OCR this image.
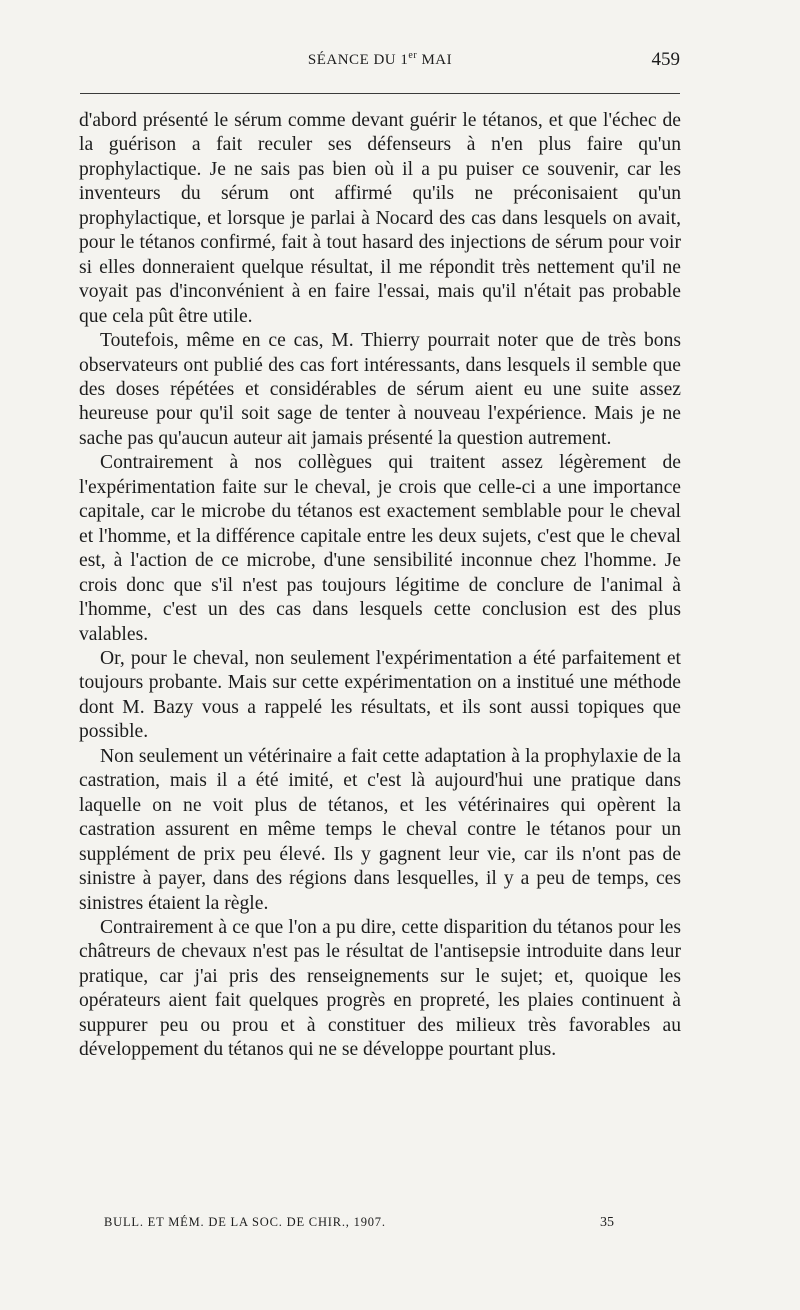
SÉANCE DU 1er MAI	459

d'abord présenté le sérum comme devant guérir le tétanos, et que l'échec de la guérison a fait reculer ses défenseurs à n'en plus faire qu'un prophylactique. Je ne sais pas bien où il a pu puiser ce souvenir, car les inventeurs du sérum ont affirmé qu'ils ne préconisaient qu'un prophylactique, et lorsque je parlai à Nocard des cas dans lesquels on avait, pour le tétanos confirmé, fait à tout hasard des injections de sérum pour voir si elles donneraient quelque résultat, il me répondit très nettement qu'il ne voyait pas d'inconvénient à en faire l'essai, mais qu'il n'était pas probable que cela pût être utile.

Toutefois, même en ce cas, M. Thierry pourrait noter que de très bons observateurs ont publié des cas fort intéressants, dans lesquels il semble que des doses répétées et considérables de sérum aient eu une suite assez heureuse pour qu'il soit sage de tenter à nouveau l'expérience. Mais je ne sache pas qu'aucun auteur ait jamais présenté la question autrement.

Contrairement à nos collègues qui traitent assez légèrement de l'expérimentation faite sur le cheval, je crois que celle-ci a une importance capitale, car le microbe du tétanos est exactement semblable pour le cheval et l'homme, et la différence capitale entre les deux sujets, c'est que le cheval est, à l'action de ce microbe, d'une sensibilité inconnue chez l'homme. Je crois donc que s'il n'est pas toujours légitime de conclure de l'animal à l'homme, c'est un des cas dans lesquels cette conclusion est des plus valables.

Or, pour le cheval, non seulement l'expérimentation a été parfaitement et toujours probante. Mais sur cette expérimentation on a institué une méthode dont M. Bazy vous a rappelé les résultats, et ils sont aussi topiques que possible.

Non seulement un vétérinaire a fait cette adaptation à la prophylaxie de la castration, mais il a été imité, et c'est là aujourd'hui une pratique dans laquelle on ne voit plus de tétanos, et les vétérinaires qui opèrent la castration assurent en même temps le cheval contre le tétanos pour un supplément de prix peu élevé. Ils y gagnent leur vie, car ils n'ont pas de sinistre à payer, dans des régions dans lesquelles, il y a peu de temps, ces sinistres étaient la règle.

Contrairement à ce que l'on a pu dire, cette disparition du tétanos pour les châtreurs de chevaux n'est pas le résultat de l'antisepsie introduite dans leur pratique, car j'ai pris des renseignements sur le sujet; et, quoique les opérateurs aient fait quelques progrès en propreté, les plaies continuent à suppurer peu ou prou et à constituer des milieux très favorables au développement du tétanos qui ne se développe pourtant plus.

BULL. ET MÉM. DE LA SOC. DE CHIR., 1907.	35
